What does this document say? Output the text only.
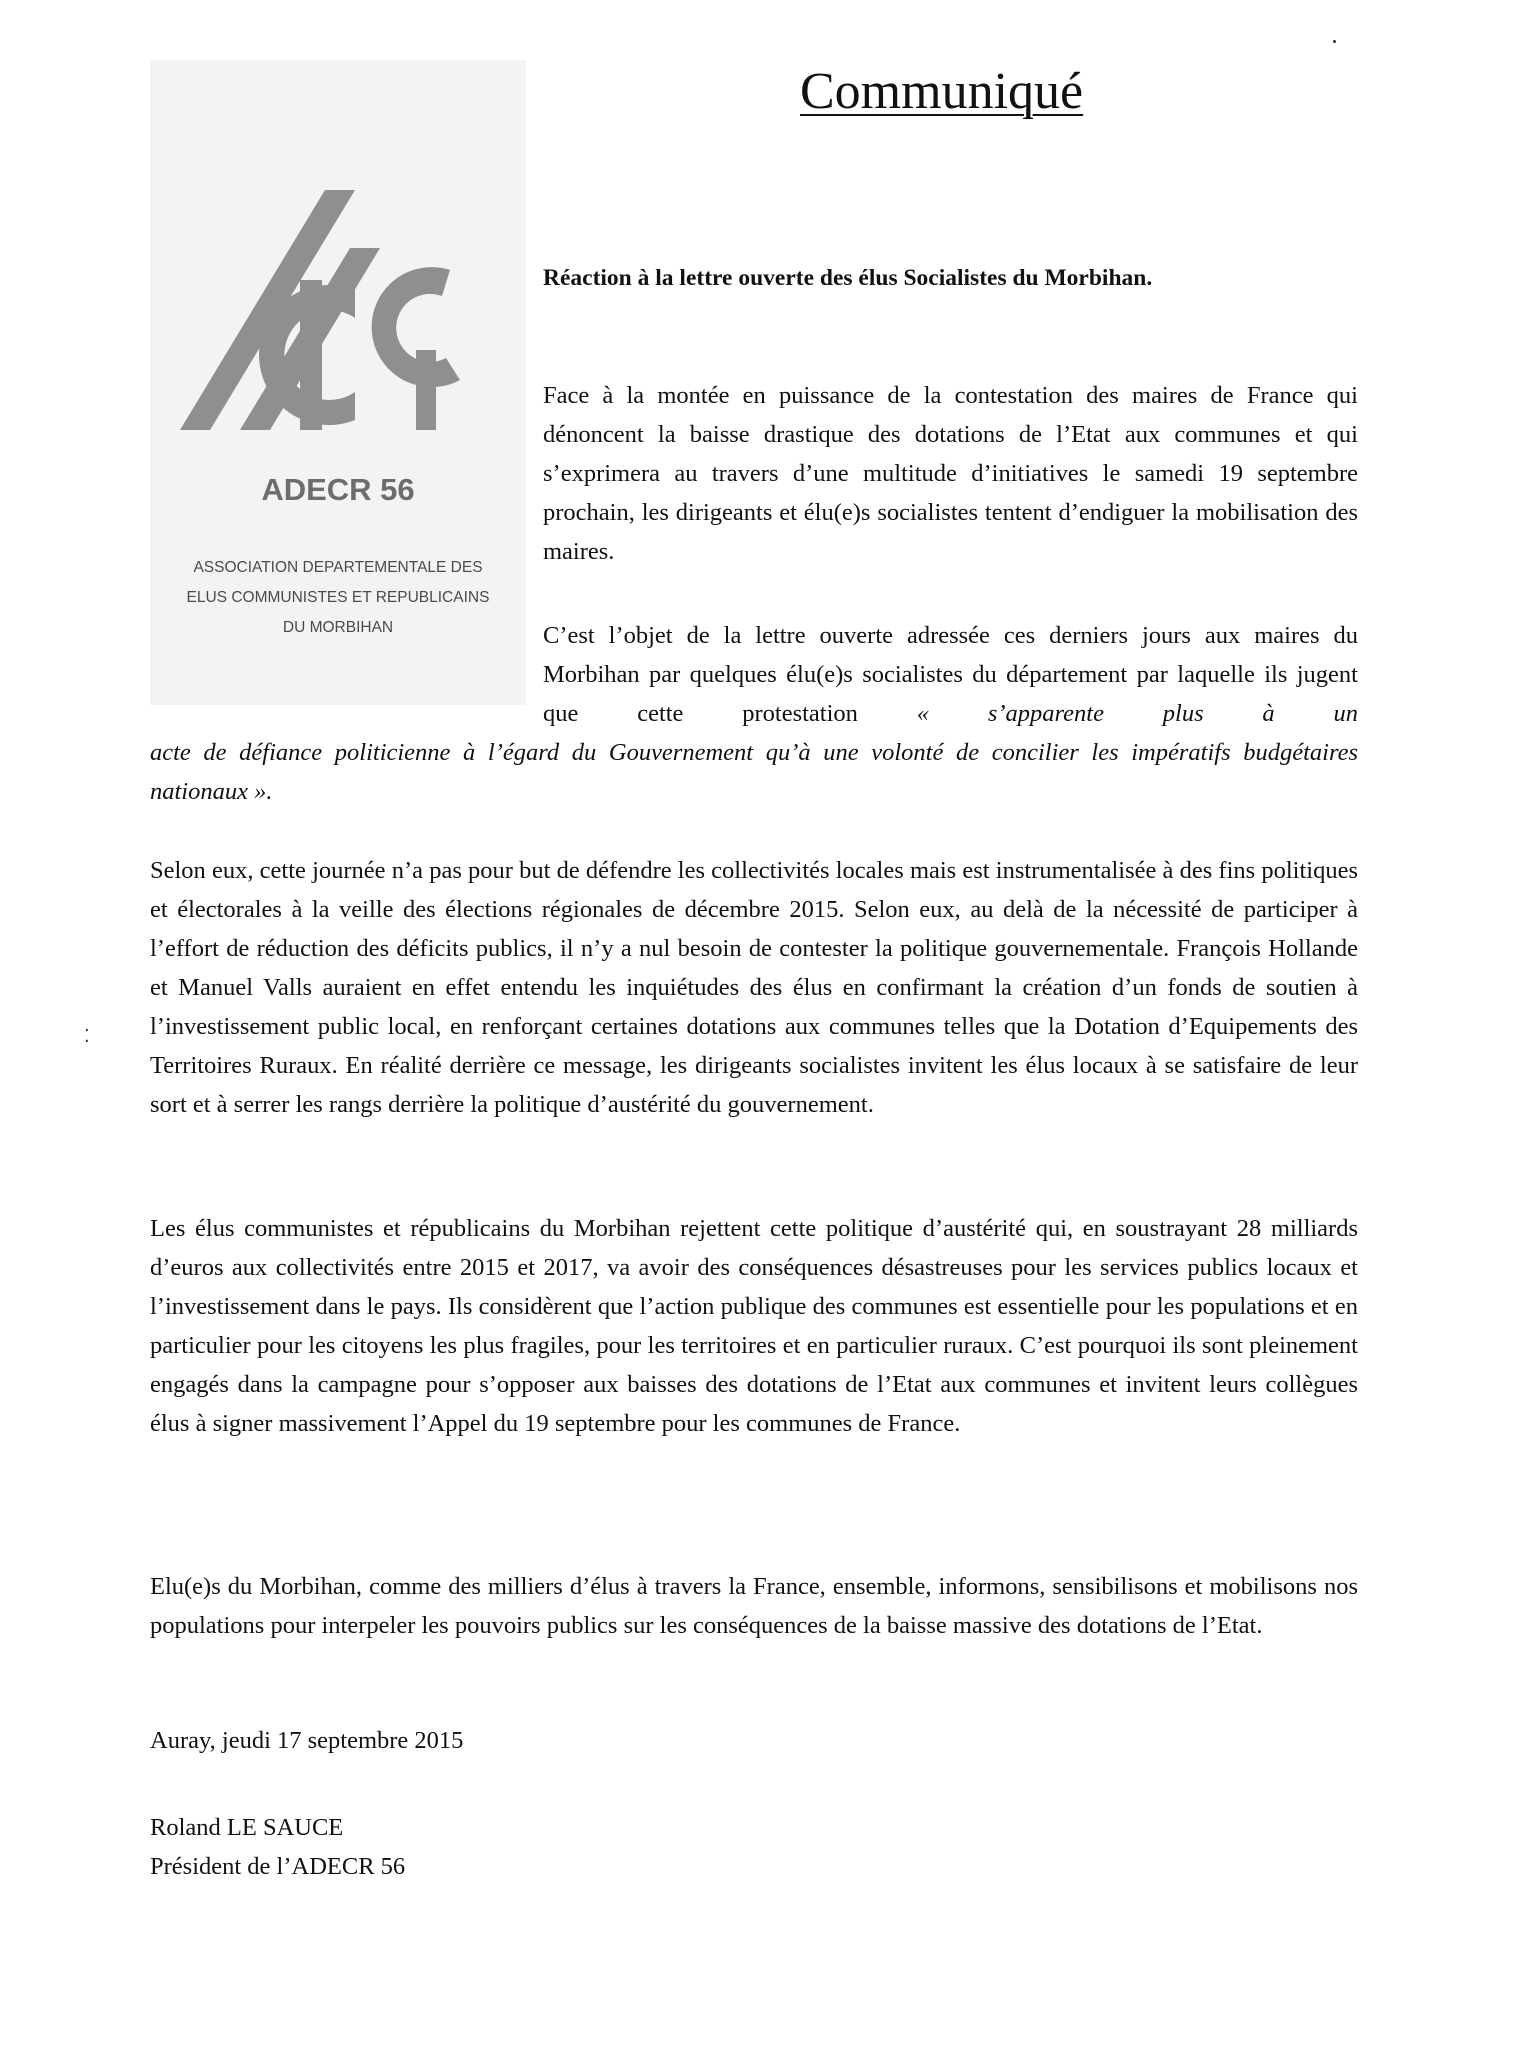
ADECR 56
ASSOCIATION DEPARTEMENTALE DES
ELUS COMMUNISTES ET REPUBLICAINS
DU MORBIHAN
⁚
Communiqué
Réaction à la lettre ouverte des élus Socialistes du Morbihan.

Face à la montée en puissance de la contestation des maires de France qui dénoncent la baisse drastique des dotations de l’Etat aux communes et qui s’exprimera au travers d’une multitude d’initiatives le samedi 19 septembre prochain, les dirigeants et élu(e)s socialistes tentent d’endiguer la mobilisation des maires.

C’est l’objet de la lettre ouverte adressée ces derniers jours aux maires du Morbihan par quelques élu(e)s socialistes du département par laquelle ils jugent que cette protestation « s’apparente plus à un

acte de défiance politicienne à l’égard du Gouvernement qu’à une volonté de concilier les impératifs budgétaires nationaux ».

Selon eux, cette journée n’a pas pour but de défendre les collectivités locales mais est instrumentalisée à des fins politiques et électorales à la veille des élections régionales de décembre 2015. Selon eux, au delà de la nécessité de participer à l’effort de réduction des déficits publics, il n’y a nul besoin de contester la politique gouvernementale. François Hollande et Manuel Valls auraient en effet entendu les inquiétudes des élus en confirmant la création d’un fonds de soutien à l’investissement public local, en renforçant certaines dotations aux communes telles que la Dotation d’Equipements des Territoires Ruraux. En réalité derrière ce message, les dirigeants socialistes invitent les élus locaux à se satisfaire de leur sort et à serrer les rangs derrière la politique d’austérité du gouvernement.

Les élus communistes et républicains du Morbihan rejettent cette politique d’austérité qui, en soustrayant 28 milliards d’euros aux collectivités entre 2015 et 2017, va avoir des conséquences désastreuses pour les services publics locaux et l’investissement dans le pays. Ils considèrent que l’action publique des communes est essentielle pour les populations et en particulier pour les citoyens les plus fragiles, pour les territoires et en particulier ruraux. C’est pourquoi ils sont pleinement engagés dans la campagne pour s’opposer aux baisses des dotations de l’Etat aux communes et invitent leurs collègues élus à signer massivement l’Appel du 19 septembre pour les communes de France.

Elu(e)s du Morbihan, comme des milliers d’élus à travers la France, ensemble, informons, sensibilisons et mobilisons nos populations pour interpeler les pouvoirs publics sur les conséquences de la baisse massive des dotations de l’Etat.

Auray, jeudi 17 septembre 2015
Roland LE SAUCE
Président de l’ADECR 56
